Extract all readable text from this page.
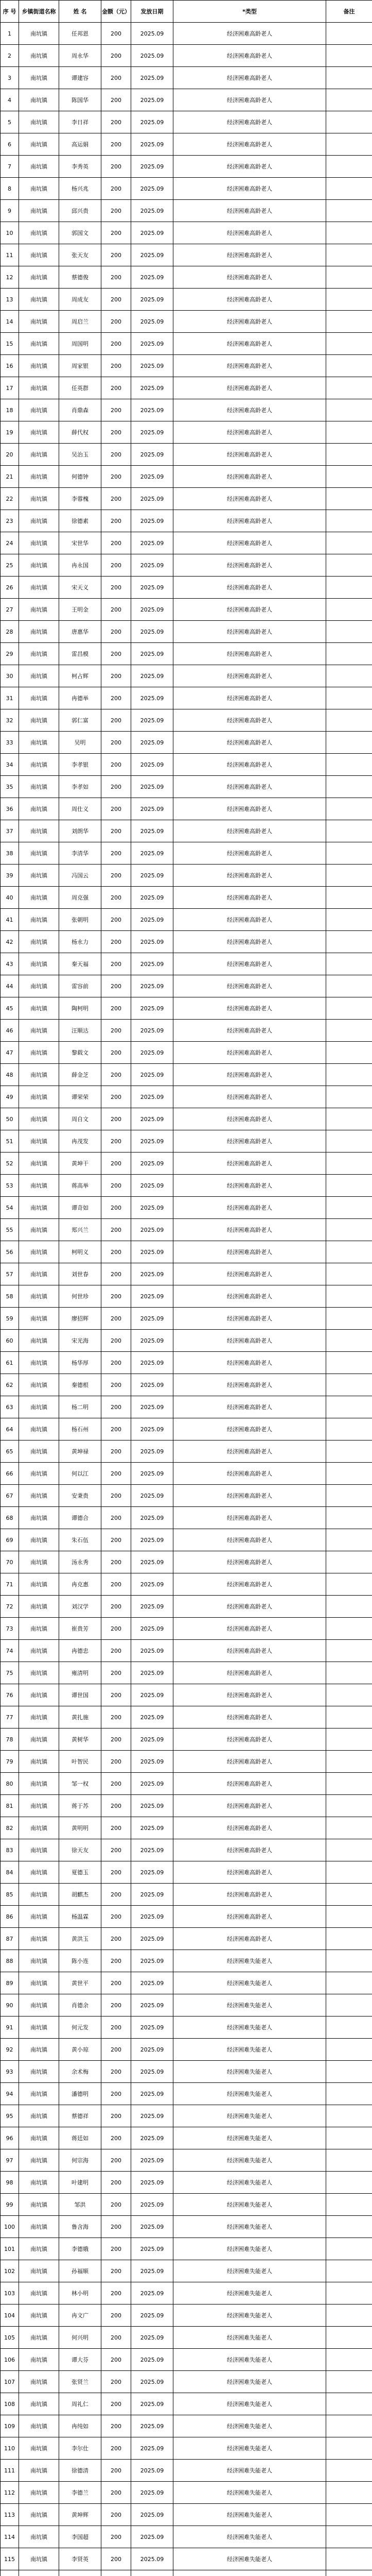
序 号	乡镇街道名称	姓 名	金额（元）	发放日期	*类型	备注
1	南坑镇	任邦恩	200	2025.09	经济困难高龄老人	
2	南坑镇	周永华	200	2025.09	经济困难高龄老人	
3	南坑镇	谭建容	200	2025.09	经济困难高龄老人	
4	南坑镇	陈国华	200	2025.09	经济困难高龄老人	
5	南坑镇	李日祥	200	2025.09	经济困难高龄老人	
6	南坑镇	高运娟	200	2025.09	经济困难高龄老人	
7	南坑镇	李秀英	200	2025.09	经济困难高龄老人	
8	南坑镇	杨兴兆	200	2025.09	经济困难高龄老人	
9	南坑镇	邱兴贵	200	2025.09	经济困难高龄老人	
10	南坑镇	郭国文	200	2025.09	经济困难高龄老人	
11	南坑镇	张天友	200	2025.09	经济困难高龄老人	
12	南坑镇	蔡德俊	200	2025.09	经济困难高龄老人	
13	南坑镇	周成友	200	2025.09	经济困难高龄老人	
14	南坑镇	周启兰	200	2025.09	经济困难高龄老人	
15	南坑镇	周国明	200	2025.09	经济困难高龄老人	
16	南坑镇	周家银	200	2025.09	经济困难高龄老人	
17	南坑镇	任英群	200	2025.09	经济困难高龄老人	
18	南坑镇	肖鼎森	200	2025.09	经济困难高龄老人	
19	南坑镇	薛代权	200	2025.09	经济困难高龄老人	
20	南坑镇	吴治玉	200	2025.09	经济困难高龄老人	
21	南坑镇	何德钟	200	2025.09	经济困难高龄老人	
22	南坑镇	李蓉槐	200	2025.09	经济困难高龄老人	
23	南坑镇	徐德素	200	2025.09	经济困难高龄老人	
24	南坑镇	宋世华	200	2025.09	经济困难高龄老人	
25	南坑镇	冉永国	200	2025.09	经济困难高龄老人	
26	南坑镇	宋天义	200	2025.09	经济困难高龄老人	
27	南坑镇	王明金	200	2025.09	经济困难高龄老人	
28	南坑镇	唐惠华	200	2025.09	经济困难高龄老人	
29	南坑镇	雷昌模	200	2025.09	经济困难高龄老人	
30	南坑镇	柯占辉	200	2025.09	经济困难高龄老人	
31	南坑镇	冉德举	200	2025.09	经济困难高龄老人	
32	南坑镇	郭仁富	200	2025.09	经济困难高龄老人	
33	南坑镇	吴明	200	2025.09	经济困难高龄老人	
34	南坑镇	李孝银	200	2025.09	经济困难高龄老人	
35	南坑镇	李孝如	200	2025.09	经济困难高龄老人	
36	南坑镇	周仕义	200	2025.09	经济困难高龄老人	
37	南坑镇	刘朗华	200	2025.09	经济困难高龄老人	
38	南坑镇	李清华	200	2025.09	经济困难高龄老人	
39	南坑镇	冯国云	200	2025.09	经济困难高龄老人	
40	南坑镇	周克强	200	2025.09	经济困难高龄老人	
41	南坑镇	张朝明	200	2025.09	经济困难高龄老人	
42	南坑镇	杨永力	200	2025.09	经济困难高龄老人	
43	南坑镇	秦天福	200	2025.09	经济困难高龄老人	
44	南坑镇	雷容前	200	2025.09	经济困难高龄老人	
45	南坑镇	陶柯明	200	2025.09	经济困难高龄老人	
46	南坑镇	汪顺达	200	2025.09	经济困难高龄老人	
47	南坑镇	黎载文	200	2025.09	经济困难高龄老人	
48	南坑镇	薛金芝	200	2025.09	经济困难高龄老人	
49	南坑镇	谭荣荣	200	2025.09	经济困难高龄老人	
50	南坑镇	周自文	200	2025.09	经济困难高龄老人	
51	南坑镇	冉茂发	200	2025.09	经济困难高龄老人	
52	南坑镇	黄坤干	200	2025.09	经济困难高龄老人	
53	南坑镇	蒋高举	200	2025.09	经济困难高龄老人	
54	南坑镇	谭奇如	200	2025.09	经济困难高龄老人	
55	南坑镇	郑兴兰	200	2025.09	经济困难高龄老人	
56	南坑镇	柯明义	200	2025.09	经济困难高龄老人	
57	南坑镇	刘世春	200	2025.09	经济困难高龄老人	
58	南坑镇	何世珍	200	2025.09	经济困难高龄老人	
59	南坑镇	廖招辉	200	2025.09	经济困难高龄老人	
60	南坑镇	宋光海	200	2025.09	经济困难高龄老人	
61	南坑镇	杨华厚	200	2025.09	经济困难高龄老人	
62	南坑镇	秦德根	200	2025.09	经济困难高龄老人	
63	南坑镇	杨二明	200	2025.09	经济困难高龄老人	
64	南坑镇	杨石州	200	2025.09	经济困难高龄老人	
65	南坑镇	黄坤禄	200	2025.09	经济困难高龄老人	
66	南坑镇	何以江	200	2025.09	经济困难高龄老人	
67	南坑镇	安秉贵	200	2025.09	经济困难高龄老人	
68	南坑镇	谭德合	200	2025.09	经济困难高龄老人	
69	南坑镇	朱石伍	200	2025.09	经济困难高龄老人	
70	南坑镇	汤永秀	200	2025.09	经济困难高龄老人	
71	南坑镇	冉克惠	200	2025.09	经济困难高龄老人	
72	南坑镇	刘汉学	200	2025.09	经济困难高龄老人	
73	南坑镇	崔贵芳	200	2025.09	经济困难高龄老人	
74	南坑镇	冉德忠	200	2025.09	经济困难高龄老人	
75	南坑镇	雍清明	200	2025.09	经济困难高龄老人	
76	南坑镇	谭世国	200	2025.09	经济困难高龄老人	
77	南坑镇	黄扎施	200	2025.09	经济困难高龄老人	
78	南坑镇	黄树华	200	2025.09	经济困难高龄老人	
79	南坑镇	叶智民	200	2025.09	经济困难高龄老人	
80	南坑镇	邹一权	200	2025.09	经济困难高龄老人	
81	南坑镇	蒋于苏	200	2025.09	经济困难高龄老人	
82	南坑镇	黄明明	200	2025.09	经济困难高龄老人	
83	南坑镇	徐天友	200	2025.09	经济困难高龄老人	
84	南坑镇	夏德玉	200	2025.09	经济困难高龄老人	
85	南坑镇	胡麒杰	200	2025.09	经济困难高龄老人	
86	南坑镇	杨温霖	200	2025.09	经济困难高龄老人	
87	南坑镇	黄洪玉	200	2025.09	经济困难高龄老人	
88	南坑镇	陈小连	200	2025.09	经济困难失能老人	
89	南坑镇	黄世平	200	2025.09	经济困难失能老人	
90	南坑镇	肖德余	200	2025.09	经济困难失能老人	
91	南坑镇	何元发	200	2025.09	经济困难失能老人	
92	南坑镇	黄小琼	200	2025.09	经济困难失能老人	
93	南坑镇	余术梅	200	2025.09	经济困难失能老人	
94	南坑镇	潘德明	200	2025.09	经济困难失能老人	
95	南坑镇	蔡德祥	200	2025.09	经济困难失能老人	
96	南坑镇	蒋廷如	200	2025.09	经济困难失能老人	
97	南坑镇	何宗海	200	2025.09	经济困难失能老人	
98	南坑镇	叶建明	200	2025.09	经济困难失能老人	
99	南坑镇	邹洪	200	2025.09	经济困难失能老人	
100	南坑镇	鲁含海	200	2025.09	经济困难失能老人	
101	南坑镇	李德娥	200	2025.09	经济困难失能老人	
102	南坑镇	孙福顺	200	2025.09	经济困难失能老人	
103	南坑镇	林小明	200	2025.09	经济困难失能老人	
104	南坑镇	冉文广	200	2025.09	经济困难失能老人	
105	南坑镇	何兴明	200	2025.09	经济困难失能老人	
106	南坑镇	谭大芬	200	2025.09	经济困难失能老人	
107	南坑镇	张贤兰	200	2025.09	经济困难失能老人	
108	南坑镇	周礼仁	200	2025.09	经济困难失能老人	
109	南坑镇	冉纯如	200	2025.09	经济困难失能老人	
110	南坑镇	李尔仕	200	2025.09	经济困难失能老人	
111	南坑镇	徐德清	200	2025.09	经济困难失能老人	
112	南坑镇	李德兰	200	2025.09	经济困难失能老人	
113	南坑镇	黄坤辉	200	2025.09	经济困难失能老人	
114	南坑镇	李国超	200	2025.09	经济困难失能老人	
115	南坑镇	李贤英	200	2025.09	经济困难失能老人	
